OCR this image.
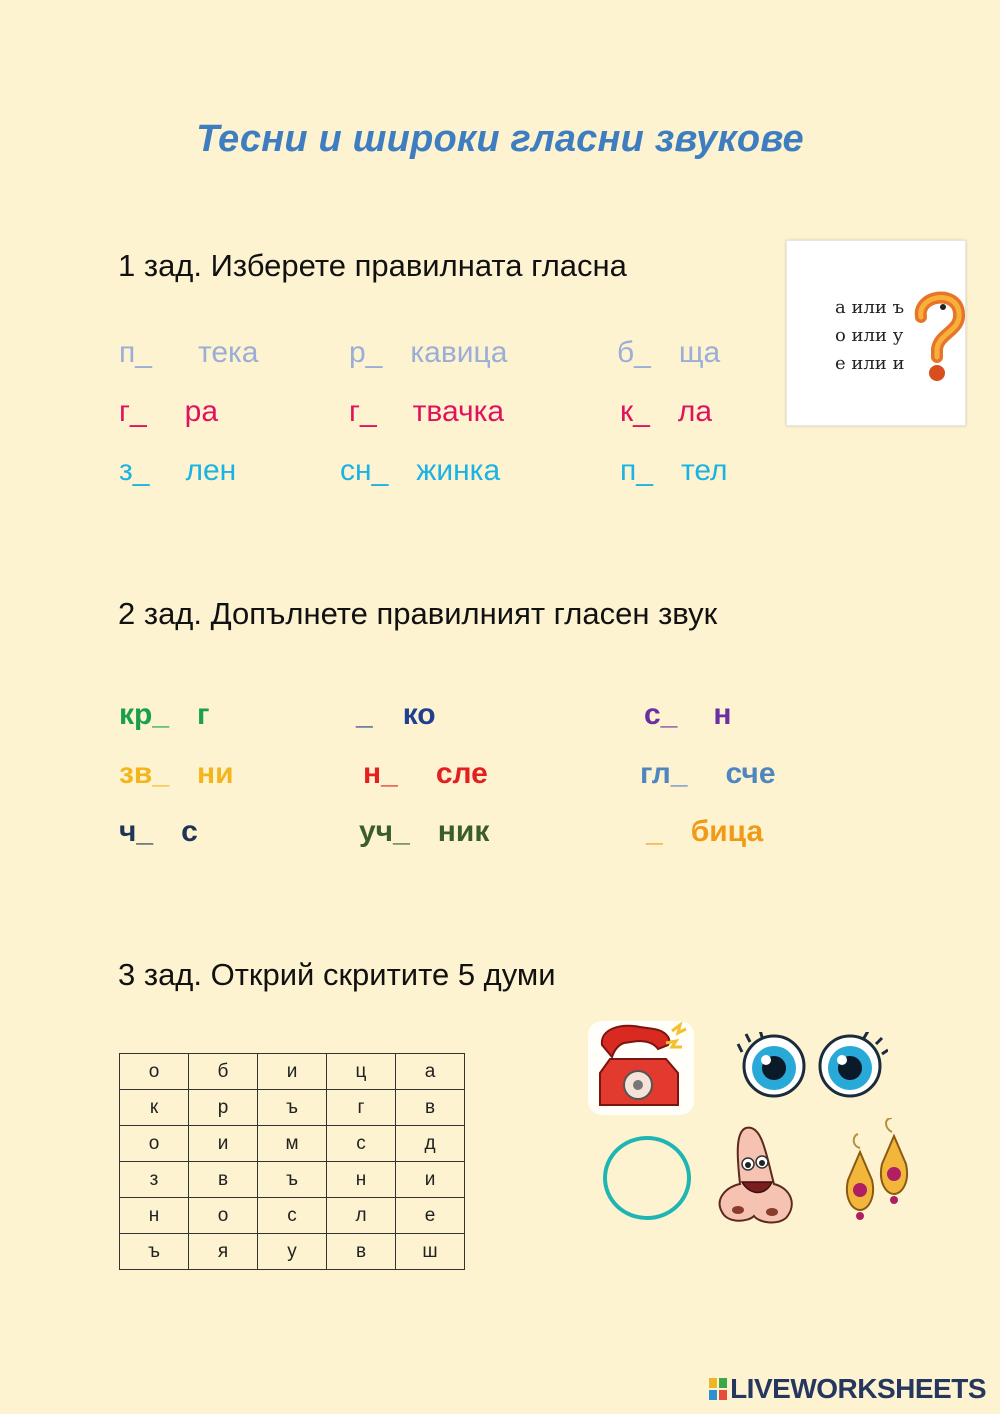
Тесни и широки гласни звукове
1 зад. Изберете правилната гласна
п_ тека	р_ кавица	б_ ща
г_ ра	г_ твачка	к_ ла
з_ лен	сн_ жинка	п_ тел
а или ъ
о или у
е или и
2 зад. Допълнете правилният гласен звук
кр_ г	_ ко	с_ н
зв_ ни	н_ сле	гл_ сче
ч_ с	уч_ ник	_ бица
3 зад. Открий скритите 5 думи
о	б	и	ц	а
к	р	ъ	г	в
о	и	м	с	д
з	в	ъ	н	и
н	о	с	л	е
ъ	я	у	в	ш
LIVEWORKSHEETS
